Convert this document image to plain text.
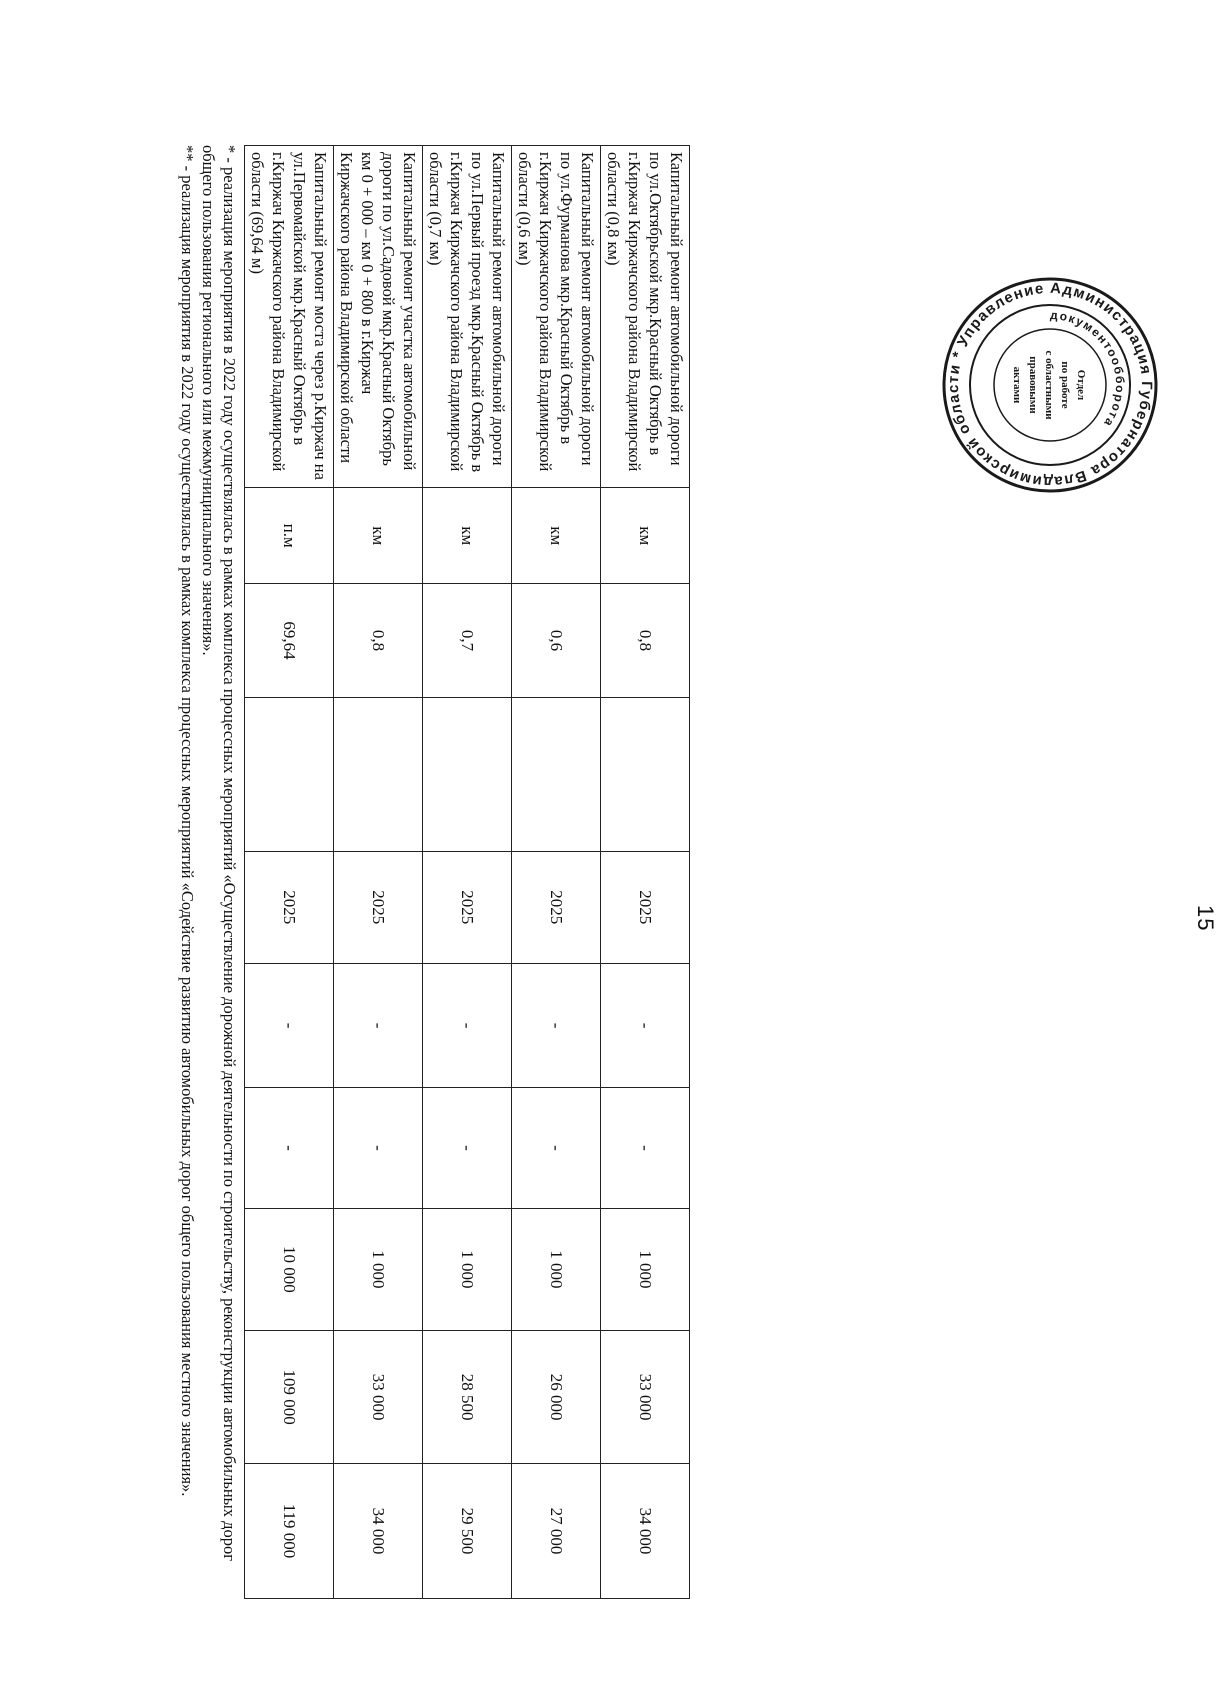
15
Капитальный ремонт автомобильной дороги по ул.Октябрьской мкр.Красный Октябрь в г.Киржач Киржачского района Владимирской области (0,8 км)	км	0,8		2025	-	-	1 000	33 000	34 000
Капитальный ремонт автомобильной дороги по ул.Фурманова мкр.Красный Октябрь в г.Киржач Киржачского района Владимирской области (0,6 км)	км	0,6		2025	-	-	1 000	26 000	27 000
Капитальный ремонт автомобильной дороги по ул.Первый проезд мкр.Красный Октябрь в г.Киржач Киржачского района Владимирской области (0,7 км)	км	0,7		2025	-	-	1 000	28 500	29 500
Капитальный ремонт участка автомобильной дороги по ул.Садовой мкр.Красный Октябрь км 0 + 000 – км 0 + 800 в г.Киржач Киржачского района Владимирской области	км	0,8		2025	-	-	1 000	33 000	34 000
Капитальный ремонт моста через р.Киржач на ул.Первомайской мкр.Красный Октябрь в г.Киржач Киржачского района Владимирской области (69,64 м)	п.м	69,64		2025	-	-	10 000	109 000	119 000

* - реализация мероприятия в 2022 году осуществлялась в рамках комплекса процессных мероприятий «Осуществление дорожной деятельности по строительству, реконструкции автомобильных дорог общего пользования регионального или межмуниципального значения».

** - реализация мероприятия в 2022 году осуществлялась в рамках комплекса процессных мероприятий «Содействие развитию автомобильных дорог общего пользования местного значения».	Администрация Губернатора Владимирской области * Управление
документообборота
Отдел
по работе
с областными
правовыми
актами
